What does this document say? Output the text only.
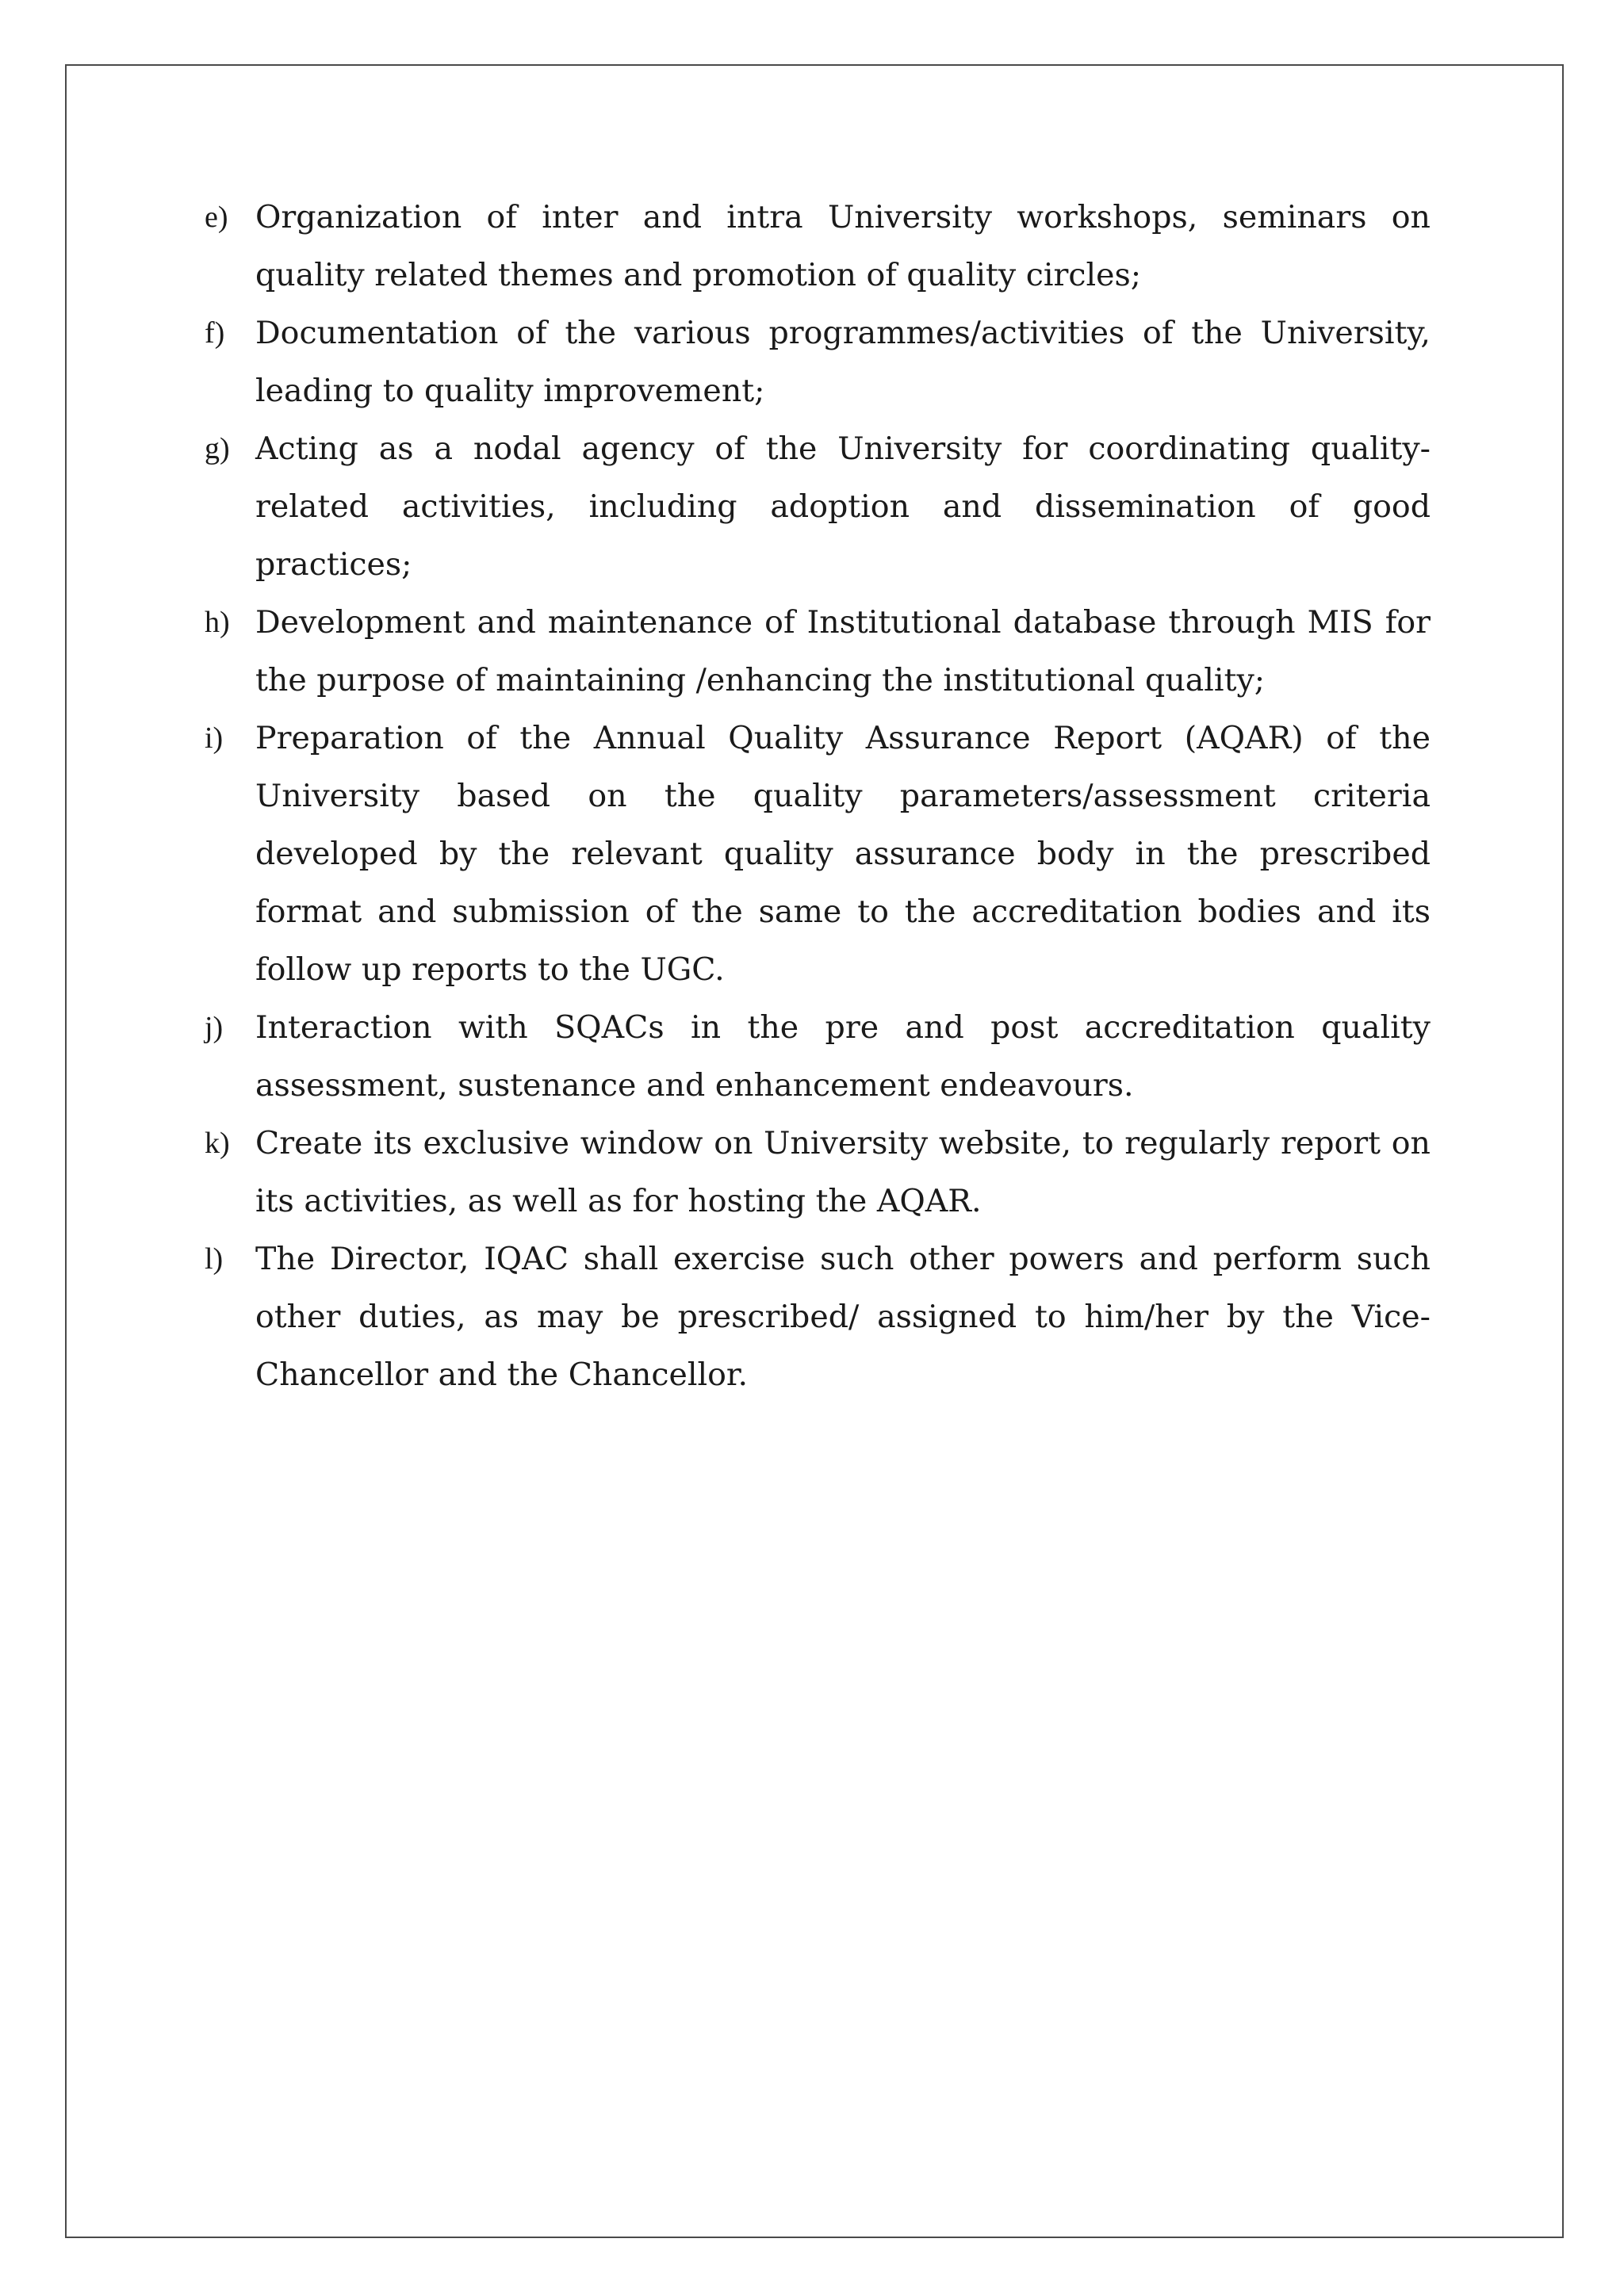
e) Organization of inter and intra University workshops, seminars on quality related themes and promotion of quality circles;
f) Documentation of the various programmes/activities of the University, leading to quality improvement;
g) Acting as a nodal agency of the University for coordinating quality-related activities, including adoption and dissemination of good practices;
h) Development and maintenance of Institutional database through MIS for the purpose of maintaining /enhancing the institutional quality;
i) Preparation of the Annual Quality Assurance Report (AQAR) of the University based on the quality parameters/assessment criteria developed by the relevant quality assurance body in the prescribed format and submission of the same to the accreditation bodies and its follow up reports to the UGC.
j) Interaction with SQACs in the pre and post accreditation quality assessment, sustenance and enhancement endeavours.
k) Create its exclusive window on University website, to regularly report on its activities, as well as for hosting the AQAR.
l) The Director, IQAC shall exercise such other powers and perform such other duties, as may be prescribed/ assigned to him/her by the Vice-Chancellor and the Chancellor.
